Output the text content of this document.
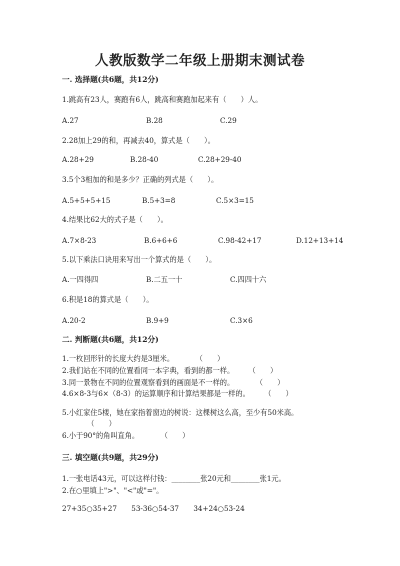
人教版数学二年级上册期末测试卷
一. 选择题(共6题，共12分)
1.跳高有23人，赛跑有6人，跳高和赛跑加起来有（　　）人。
A.27	B.28	C.29
2.28加上29的和，再减去40，算式是（　　）。
A.28+29	B.28-40	C.28+29-40
3.5个3相加的和是多少？正确的列式是（　　）。
A.5+5+5+15	B.5+3=8	C.5×3=15
4.结果比62大的式子是（　　）。
A.7×8-23	B.6+6+6	C.98-42+17	D.12+13+14
5.以下乘法口诀用来写出一个算式的是（　　）。
A.一四得四	B.二五一十	C.四四十六
6.积是18的算式是（　　）。
A.20-2	B.9+9	C.3×6
二. 判断题(共6题，共12分)
1.一枚回形针的长度大约是3厘米。　　　　（　　）
2.我们站在不同的位置看同一本字典，看到的都一样。　　　（　　）
3.同一景物在不同的位置观察看到的画面是不一样的。　　　　（　　）
4.6×8-3与6×（8-3）的运算顺序和计算结果都是一样的。　　　（　　）
5.小红家住5楼，她在家指着窗边的树说：这棵树这么高，至少有50米高。
　　　　（　　）
6.小于90°的角叫直角。　　　　（　　）
三. 填空题(共9题，共29分)
1.一张电话43元，可以这样付钱：________张20元和________张1元。
2.在○里填上">"、"<"或"="。
27+35○35+27　　53-36○54-37　　34+24○53-24
